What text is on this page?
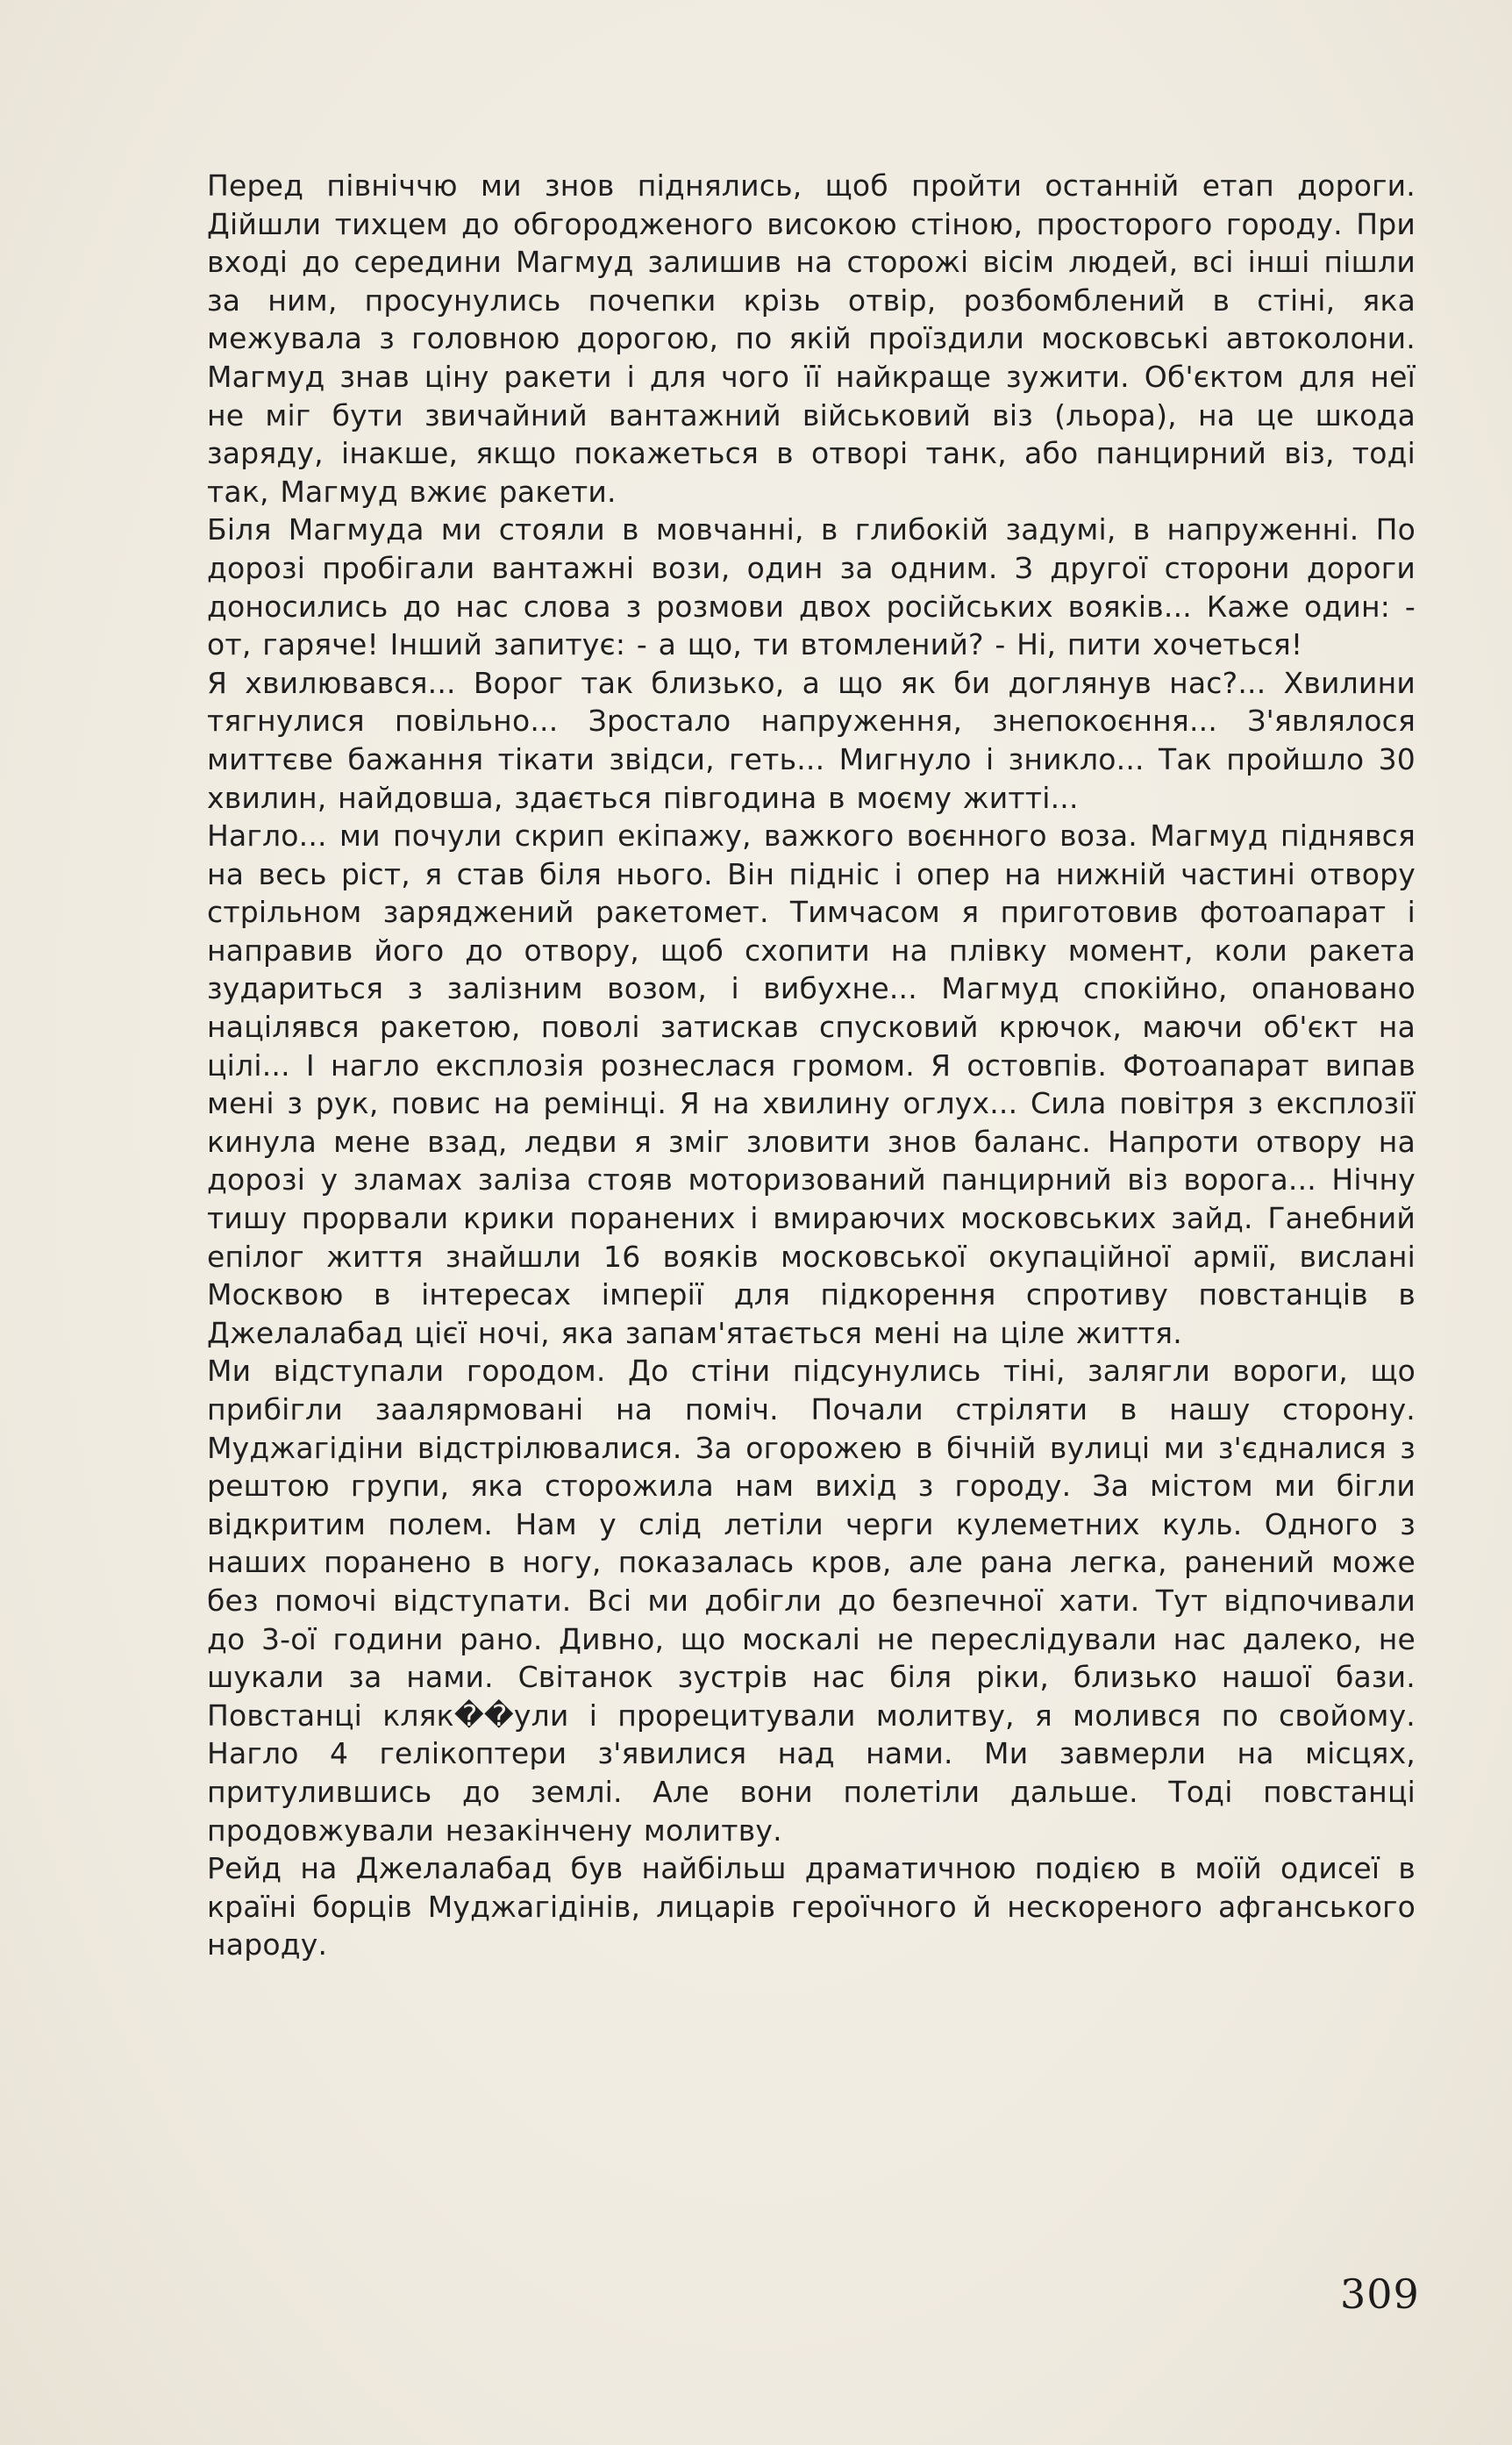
Перед північчю ми знов піднялись, щоб пройти останній етап дороги. Дійшли тихцем до обгородженого високою стіною, просторого городу. При вході до середини Магмуд залишив на сторожі вісім людей, всі інші пішли за ним, просунулись почепки крізь отвір, розбомблений в стіні, яка межувала з головною дорогою, по якій проїздили московські автоколони. Магмуд знав ціну ракети і для чого її найкраще зужити. Об'єктом для неї не міг бути звичайний вантажний військовий віз (льора), на це шкода заряду, інакше, якщо покажеться в отворі танк, або панцирний віз, тоді так, Магмуд вжиє ракети.

Біля Магмуда ми стояли в мовчанні, в глибокій задумі, в напруженні. По дорозі пробігали вантажні вози, один за одним. З другої сторони дороги доносились до нас слова з розмови двох російських вояків... Каже один: - от, гаряче! Інший запитує: - а що, ти втомлений? - Ні, пити хочеться!

Я хвилювався... Ворог так близько, а що як би доглянув нас?... Хвилини тягнулися повільно... Зростало напруження, знепокоєння... З'являлося миттєве бажання тікати звідси, геть... Мигнуло і зникло... Так пройшло 30 хвилин, найдовша, здається півгодина в моєму житті...

Нагло... ми почули скрип екіпажу, важкого воєнного воза. Магмуд піднявся на весь ріст, я став біля нього. Він підніс і опер на нижній частині отвору стрільном заряджений ракетомет. Тимчасом я приготовив фотоапарат і направив його до отвору, щоб схопити на плівку момент, коли ракета зудариться з залізним возом, і вибухне... Магмуд спокійно, опановано націлявся ракетою, поволі затискав спусковий крючок, маючи об'єкт на цілі... І нагло експлозія рознеслася громом. Я остовпів. Фотоапарат випав мені з рук, повис на ремінці. Я на хвилину оглух... Сила повітря з експлозії кинула мене взад, ледви я зміг зловити знов баланс. Напроти отвору на дорозі у зламах заліза стояв моторизований панцирний віз ворога... Нічну тишу прорвали крики поранених і вмираючих московських зайд. Ганебний епілог життя знайшли 16 вояків московської окупаційної армії, вислані Москвою в інтересах імперії для підкорення спротиву повстанців в Джелалабад цієї ночі, яка запам'ятається мені на ціле життя.

Ми відступали городом. До стіни підсунулись тіні, залягли вороги, що прибігли заалярмовані на поміч. Почали стріляти в нашу сторону. Муджагідіни відстрілювалися. За огорожею в бічній вулиці ми з'єдналися з рештою групи, яка сторожила нам вихід з городу. За містом ми бігли відкритим полем. Нам у слід летіли черги кулеметних куль. Одного з наших поранено в ногу, показалась кров, але рана легка, ранений може без помочі відступати. Всі ми добігли до безпечної хати. Тут відпочивали до 3-ої години рано. Дивно, що москалі не переслідували нас далеко, не шукали за нами. Світанок зустрів нас біля ріки, близько нашої бази. Повстанці кляк��ули і прорецитували молитву, я молився по свойому. Нагло 4 гелікоптери з'явилися над нами. Ми завмерли на місцях, притулившись до землі. Але вони полетіли дальше. Тоді повстанці продовжували незакінчену молитву.

Рейд на Джелалабад був найбільш драматичною подією в моїй одисеї в країні борців Муджагідінів, лицарів героїчного й нескореного афганського народу.

309
